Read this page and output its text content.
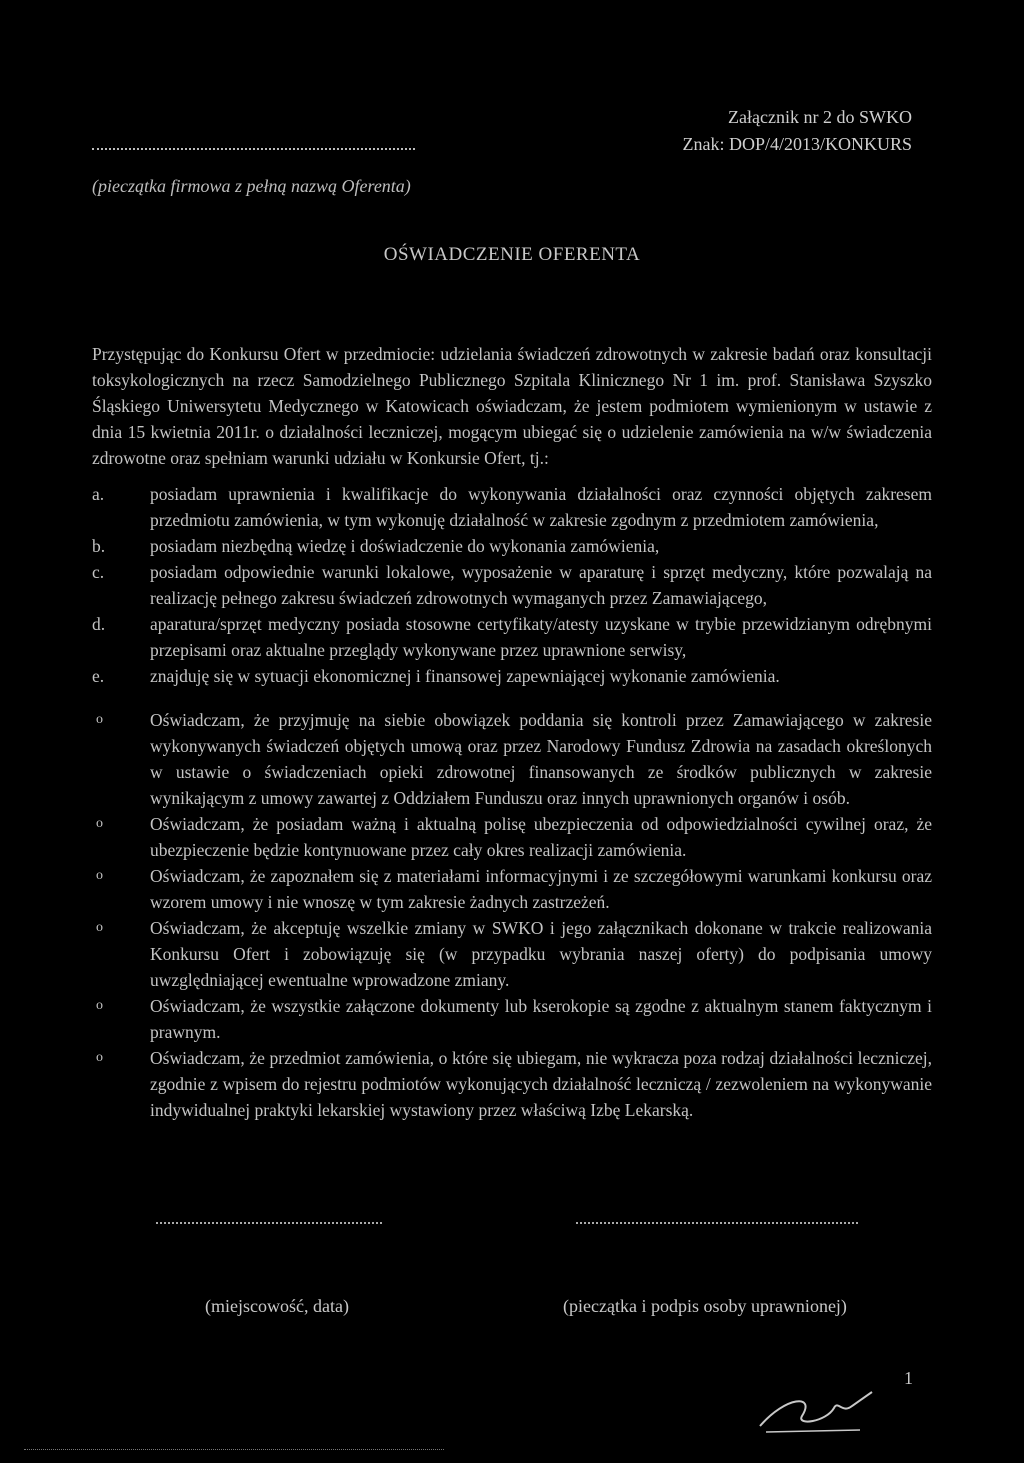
Załącznik nr 2 do SWKO
Znak: DOP/4/2013/KONKURS
(pieczątka firmowa z pełną nazwą Oferenta)
OŚWIADCZENIE OFERENTA

Przystępując do Konkursu Ofert w przedmiocie: udzielania świadczeń zdrowotnych w zakresie badań oraz konsultacji toksykologicznych na rzecz Samodzielnego Publicznego Szpitala Klinicznego Nr 1 im. prof. Stanisława Szyszko Śląskiego Uniwersytetu Medycznego w Katowicach oświadczam, że jestem podmiotem wymienionym w ustawie z dnia 15 kwietnia 2011r. o działalności leczniczej, mogącym ubiegać się o udzielenie zamówienia na w/w świadczenia zdrowotne oraz spełniam warunki udziału w Konkursie Ofert, tj.:

a.	posiadam uprawnienia i kwalifikacje do wykonywania działalności oraz czynności objętych zakresem przedmiotu zamówienia, w tym wykonuję działalność w zakresie zgodnym z przedmiotem zamówienia,
b.	posiadam niezbędną wiedzę i doświadczenie do wykonania zamówienia,
c.	posiadam odpowiednie warunki lokalowe, wyposażenie w aparaturę i sprzęt medyczny, które pozwalają na realizację pełnego zakresu świadczeń zdrowotnych wymaganych przez Zamawiającego,
d.	aparatura/sprzęt medyczny posiada stosowne certyfikaty/atesty uzyskane w trybie przewidzianym odrębnymi przepisami oraz aktualne przeglądy wykonywane przez uprawnione serwisy,
e.	znajduję się w sytuacji ekonomicznej i finansowej zapewniającej wykonanie zamówienia.
o	Oświadczam, że przyjmuję na siebie obowiązek poddania się kontroli przez Zamawiającego w zakresie wykonywanych świadczeń objętych umową oraz przez Narodowy Fundusz Zdrowia na zasadach określonych w ustawie o świadczeniach opieki zdrowotnej finansowanych ze środków publicznych w zakresie wynikającym z umowy zawartej z Oddziałem Funduszu oraz innych uprawnionych organów i osób.
o	Oświadczam, że posiadam ważną i aktualną polisę ubezpieczenia od odpowiedzialności cywilnej oraz, że ubezpieczenie będzie kontynuowane przez cały okres realizacji zamówienia.
o	Oświadczam, że zapoznałem się z materiałami informacyjnymi i ze szczegółowymi warunkami konkursu oraz wzorem umowy i nie wnoszę w tym zakresie żadnych zastrzeżeń.
o	Oświadczam, że akceptuję wszelkie zmiany w SWKO i jego załącznikach dokonane w trakcie realizowania Konkursu Ofert i zobowiązuję się (w przypadku wybrania naszej oferty) do podpisania umowy uwzględniającej ewentualne wprowadzone zmiany.
o	Oświadczam, że wszystkie załączone dokumenty lub kserokopie są zgodne z aktualnym stanem faktycznym i prawnym.
o	Oświadczam, że przedmiot zamówienia, o które się ubiegam, nie wykracza poza rodzaj działalności leczniczej, zgodnie z wpisem do rejestru podmiotów wykonujących działalność leczniczą / zezwoleniem na wykonywanie indywidualnej praktyki lekarskiej wystawiony przez właściwą Izbę Lekarską.
(miejscowość, data)	(pieczątka i podpis osoby uprawnionej)
1
